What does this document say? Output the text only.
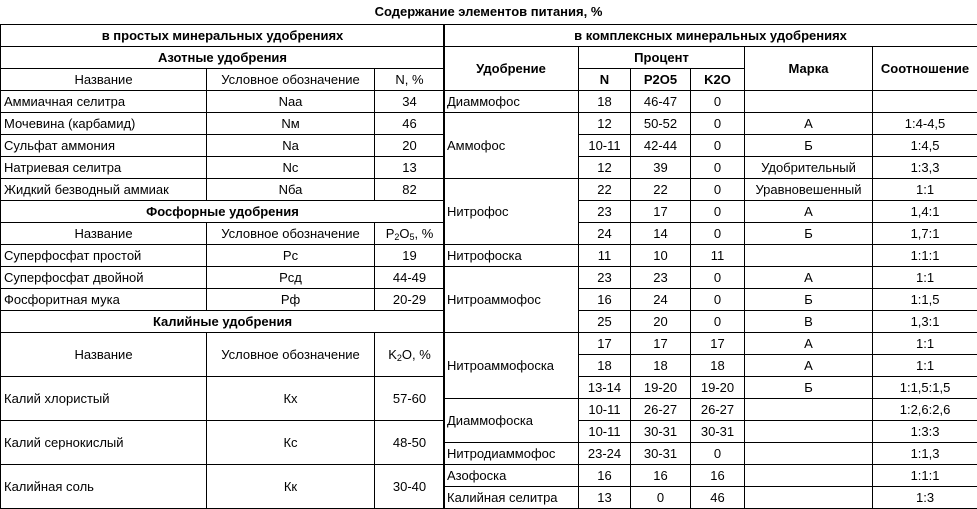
Содержание элементов питания, %
в простых минеральных удобрениях		
Азотные удобрения		
Название	Условное обозначение	N, %
Аммиачная селитра	Naa	34
Мочевина (карбамид)	Nм	46
Сульфат аммония	Na	20
Натриевая селитра	Nc	13
Жидкий безводный аммиак	Nба	82
Фосфорные удобрения		
Название	Условное обозначение	$P_2O_5$, %
Суперфосфат простой	Pc	19
Суперфосфат двойной	Pсд	44-49
Фосфоритная мука	Pф	20-29
Калийные удобрения		
Название	Условное обозначение	$K_2O$, %
Калий хлористый	Кх	57-60
Калий сернокислый	Кс	48-50
Калийная соль	Кк	30-40
в комплексных минеральных удобрениях					
Удобрение	Процент			Марка	Соотношение
	N	P2O5	K2O		
Диаммофос	18	46-47	0		
Аммофос	12	50-52	0	А	1:4-4,5
	10-11	42-44	0	Б	1:4,5
	12	39	0	Удобрительный	1:3,3
Нитрофос	22	22	0	Уравновешенный	1:1
	23	17	0	А	1,4:1
	24	14	0	Б	1,7:1
Нитрофоска	11	10	11		1:1:1
Нитроаммофос	23	23	0	А	1:1
	16	24	0	Б	1:1,5
	25	20	0	В	1,3:1
Нитроаммофоска	17	17	17	А	1:1
	18	18	18	А	1:1
	13-14	19-20	19-20	Б	1:1,5:1,5
Диаммофоска	10-11	26-27	26-27		1:2,6:2,6
	10-11	30-31	30-31		1:3:3
Нитродиаммофос	23-24	30-31	0		1:1,3
Азофоска	16	16	16		1:1:1
Калийная селитра	13	0	46		1:3
